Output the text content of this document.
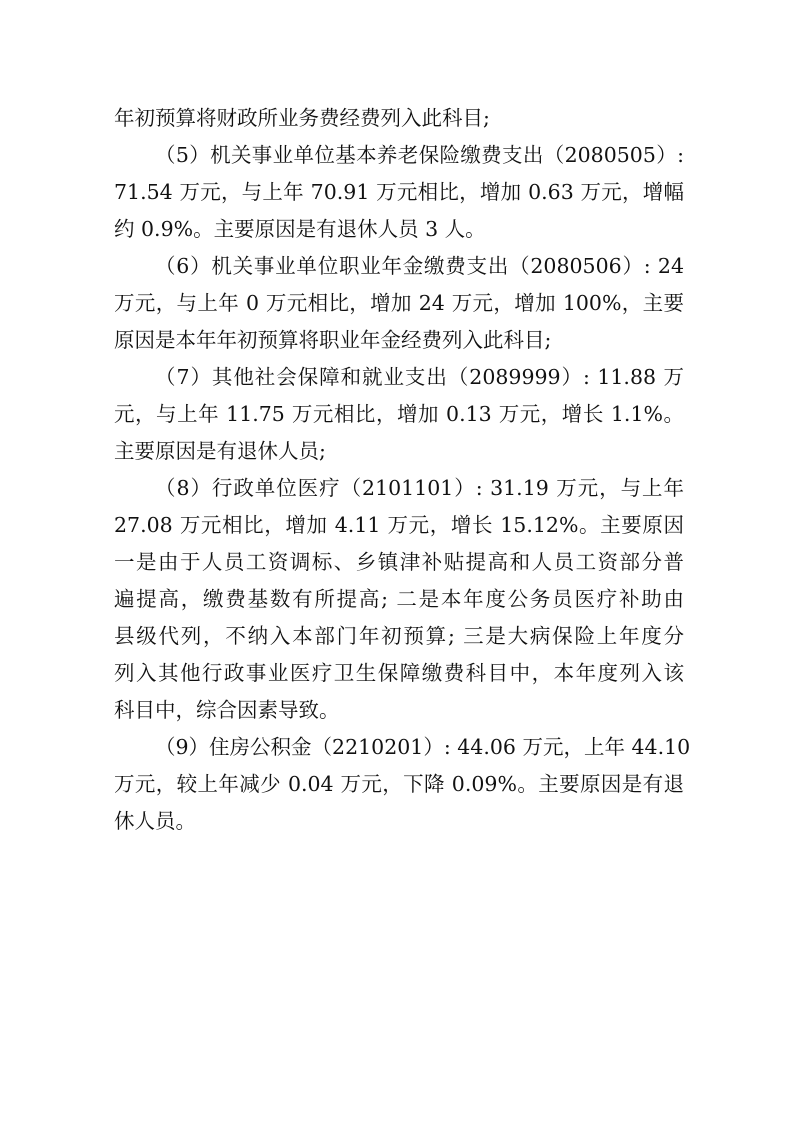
年初预算将财政所业务费经费列入此科目;

（5）机关事业单位基本养老保险缴费支出（2080505）:

71.54 万元，与上年 70.91 万元相比，增加 0.63 万元，增幅

约 0.9%。主要原因是有退休人员 3 人。

（6）机关事业单位职业年金缴费支出（2080506）: 24

万元，与上年 0 万元相比，增加 24 万元，增加 100%，主要

原因是本年年初预算将职业年金经费列入此科目;

（7）其他社会保障和就业支出（2089999）: 11.88 万

元，与上年 11.75 万元相比，增加 0.13 万元，增长 1.1%。

主要原因是有退休人员;

（8）行政单位医疗（2101101）: 31.19 万元，与上年

27.08 万元相比，增加 4.11 万元，增长 15.12%。主要原因

一是由于人员工资调标、乡镇津补贴提高和人员工资部分普

遍提高，缴费基数有所提高; 二是本年度公务员医疗补助由

县级代列，不纳入本部门年初预算; 三是大病保险上年度分

列入其他行政事业医疗卫生保障缴费科目中，本年度列入该

科目中，综合因素导致。

（9）住房公积金（2210201）: 44.06 万元，上年 44.10

万元，较上年减少 0.04 万元，下降 0.09%。主要原因是有退

休人员。
